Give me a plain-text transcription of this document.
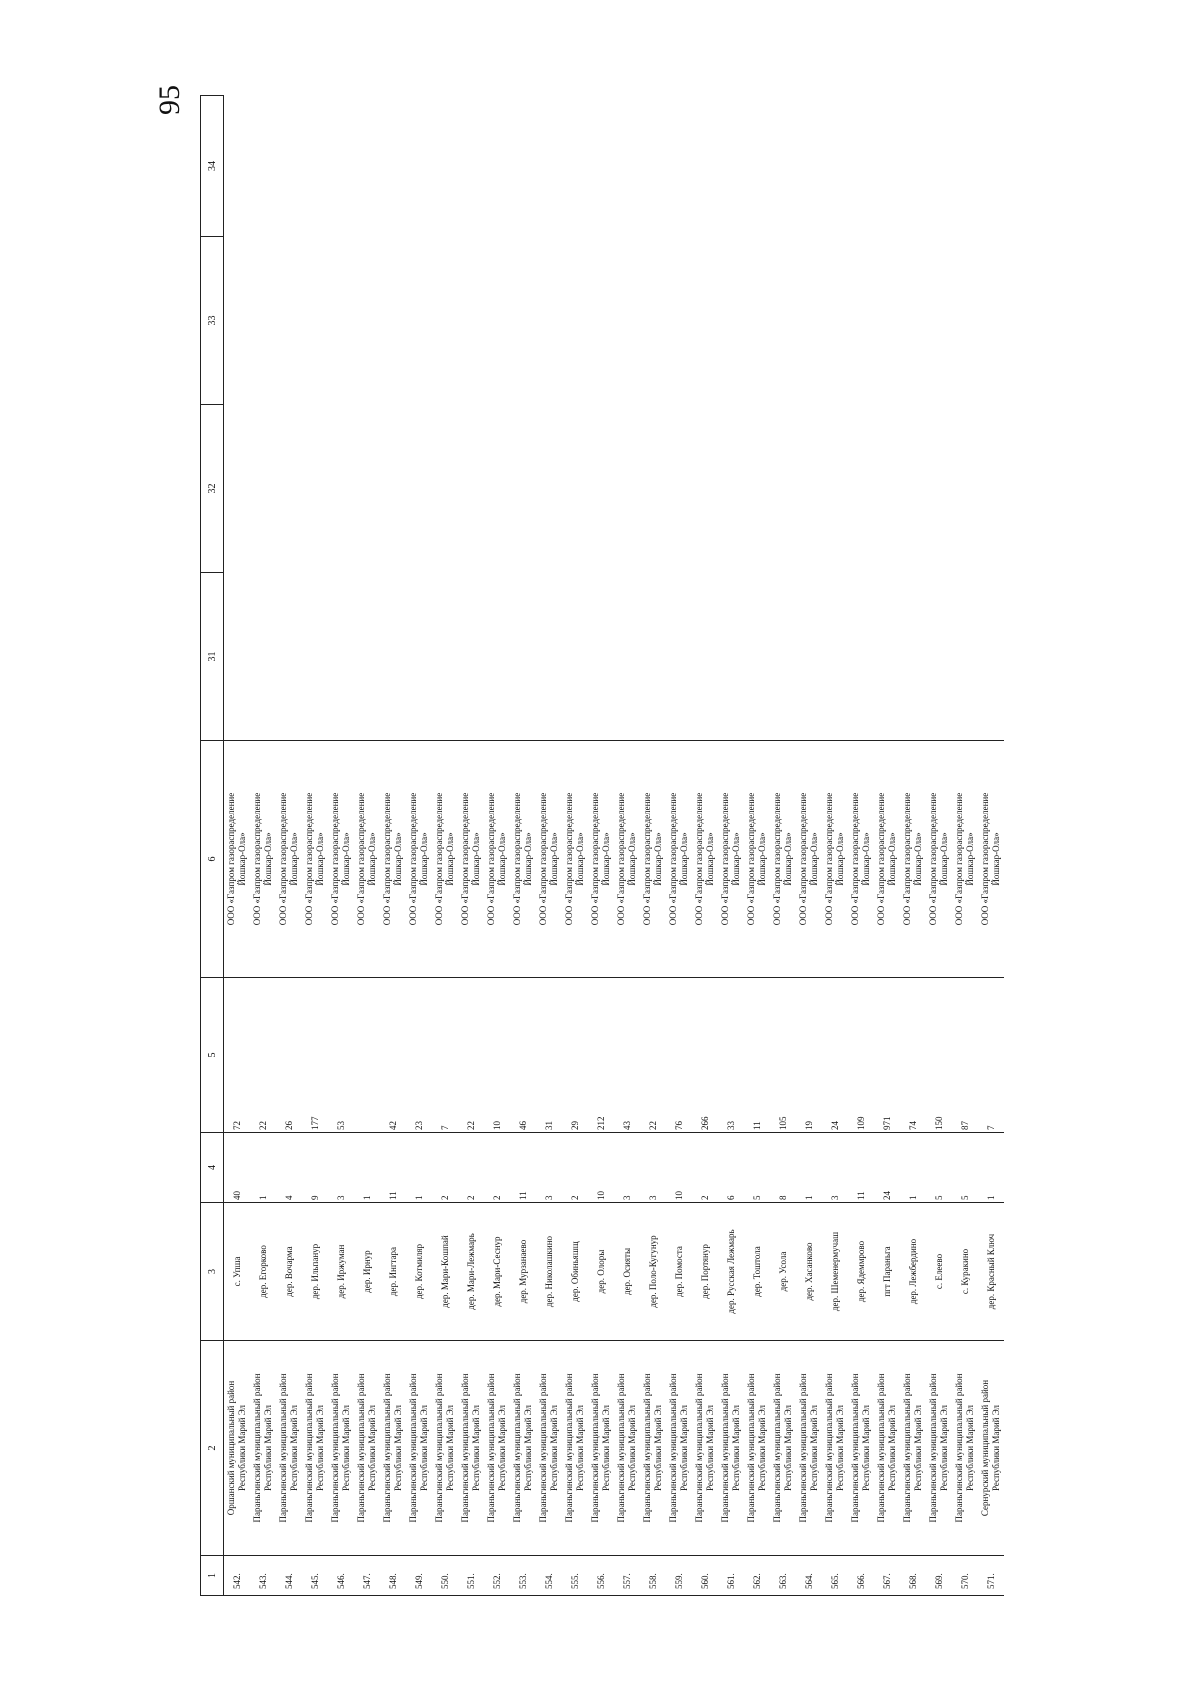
95
1	2	3	4	5	6	31	32	33	34
542.	Оршанский муниципальный район Республики Марий Эл	с. Упша	40	72	ООО «Газпром газораспределение Йошкар-Ола»				

543.	Параньгинский муниципальный район Республики Марий Эл	дер. Егорково	1	22	ООО «Газпром газораспределение Йошкар-Ола»				

544.	Параньгинский муниципальный район Республики Марий Эл	дер. Вочарма	4	26	ООО «Газпром газораспределение Йошкар-Ола»				

545.	Параньгинский муниципальный район Республики Марий Эл	дер. Ильпанур	9	177	ООО «Газпром газораспределение Йошкар-Ола»				

546.	Параньгинский муниципальный район Республики Марий Эл	дер. Иржуман	3	53	ООО «Газпром газораспределение Йошкар-Ола»				

547.	Параньгинский муниципальный район Республики Марий Эл	дер. Ирнур	1		ООО «Газпром газораспределение Йошкар-Ола»				

548.	Параньгинский муниципальный район Республики Марий Эл	дер. Ингтара	11	42	ООО «Газпром газораспределение Йошкар-Ола»				

549.	Параньгинский муниципальный район Республики Марий Эл	дер. Котмиляр	1	23	ООО «Газпром газораспределение Йошкар-Ола»				

550.	Параньгинский муниципальный район Республики Марий Эл	дер. Мари-Кошпай	2	7	ООО «Газпром газораспределение Йошкар-Ола»				

551.	Параньгинский муниципальный район Республики Марий Эл	дер. Мари-Лежмарь	2	22	ООО «Газпром газораспределение Йошкар-Ола»				

552.	Параньгинский муниципальный район Республики Марий Эл	дер. Мари-Сеснур	2	10	ООО «Газпром газораспределение Йошкар-Ола»				

553.	Параньгинский муниципальный район Республики Марий Эл	дер. Мурзанаево	11	46	ООО «Газпром газораспределение Йошкар-Ола»				

554.	Параньгинский муниципальный район Республики Марий Эл	дер. Николашкино	3	31	ООО «Газпром газораспределение Йошкар-Ола»				

555.	Параньгинский муниципальный район Республики Марий Эл	дер. Обиньяшщ	2	29	ООО «Газпром газораспределение Йошкар-Ола»				

556.	Параньгинский муниципальный район Республики Марий Эл	дер. Олоры	10	212	ООО «Газпром газораспределение Йошкар-Ола»				

557.	Параньгинский муниципальный район Республики Марий Эл	дер. Осияты	3	43	ООО «Газпром газораспределение Йошкар-Ола»				

558.	Параньгинский муниципальный район Республики Марий Эл	дер. Поло-Кугунур	3	22	ООО «Газпром газораспределение Йошкар-Ола»				

559.	Параньгинский муниципальный район Республики Марий Эл	дер. Помоста	10	76	ООО «Газпром газораспределение Йошкар-Ола»				

560.	Параньгинский муниципальный район Республики Марий Эл	дер. Портянур	2	266	ООО «Газпром газораспределение Йошкар-Ола»				

561.	Параньгинский муниципальный район Республики Марий Эл	дер. Русская Лежмарь	6	33	ООО «Газпром газораспределение Йошкар-Ола»				

562.	Параньгинский муниципальный район Республики Марий Эл	дер. Тоштола	5	11	ООО «Газпром газораспределение Йошкар-Ола»				

563.	Параньгинский муниципальный район Республики Марий Эл	дер. Усола	8	105	ООО «Газпром газораспределение Йошкар-Ола»				

564.	Параньгинский муниципальный район Республики Марий Эл	дер. Хасанково	1	19	ООО «Газпром газораспределение Йошкар-Ола»				

565.	Параньгинский муниципальный район Республики Марий Эл	дер. Шеменермучаш	3	24	ООО «Газпром газораспределение Йошкар-Ола»				

566.	Параньгинский муниципальный район Республики Марий Эл	дер. Ядеммрово	11	109	ООО «Газпром газораспределение Йошкар-Ола»				

567.	Параньгинский муниципальный район Республики Марий Эл	пгт Параньга	24	971	ООО «Газпром газораспределение Йошкар-Ола»				

568.	Параньгинский муниципальный район Республики Марий Эл	дер. Лежбердино	1	74	ООО «Газпром газораспределение Йошкар-Ола»				

569.	Параньгинский муниципальный район Республики Марий Эл	с. Елеево	5	150	ООО «Газпром газораспределение Йошкар-Ола»				

570.	Параньгинский муниципальный район Республики Марий Эл	с. Куракино	5	87	ООО «Газпром газораспределение Йошкар-Ола»				

571.	Сернурский муниципальный район Республики Марий Эл	дер. Красный Ключ	1	7	ООО «Газпром газораспределение Йошкар-Ола»				
